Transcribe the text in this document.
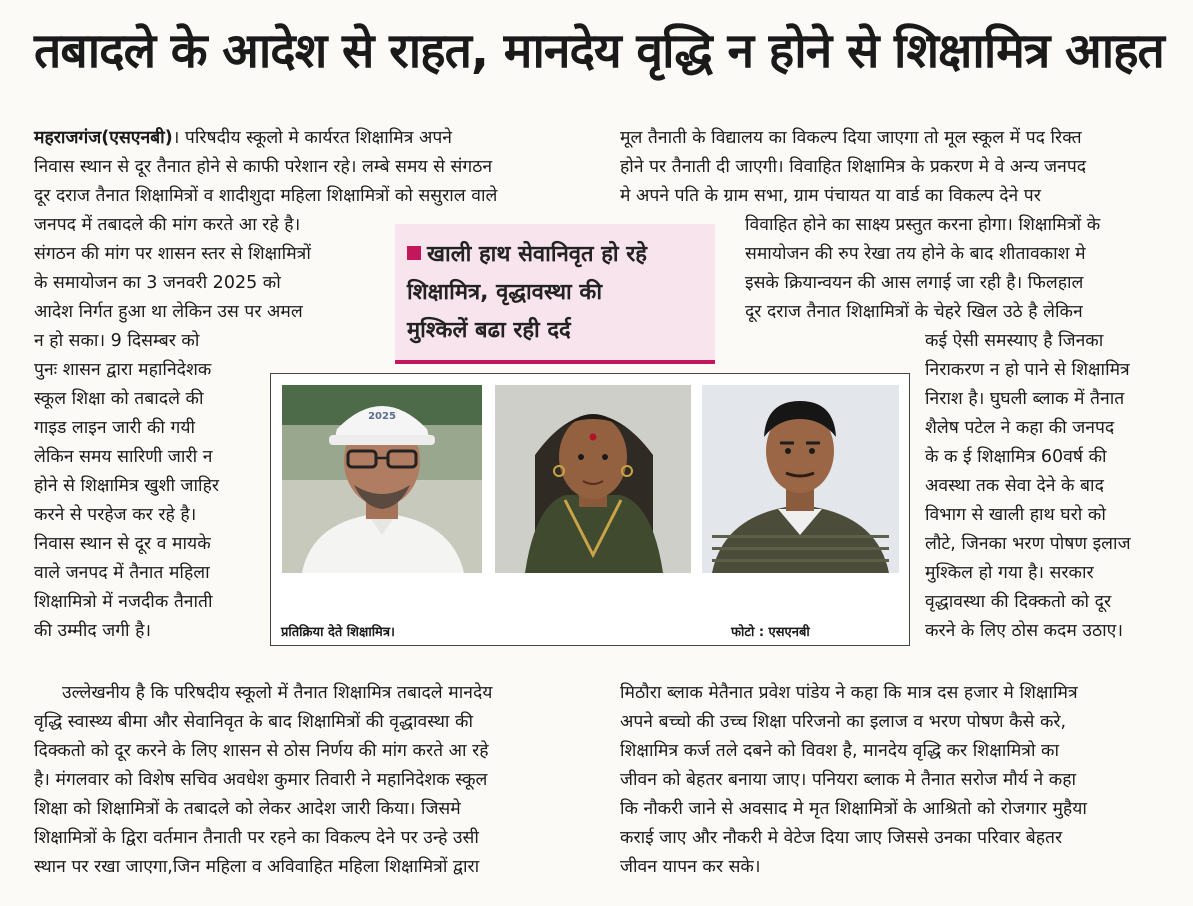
तबादले के आदेश से राहत, मानदेय वृद्धि न होने से शिक्षामित्र आहत
महराजगंज(एसएनबी)। परिषदीय स्कूलो मे कार्यरत शिक्षामित्र अपने
निवास स्थान से दूर तैनात होने से काफी परेशान रहे। लम्बे समय से संगठन
दूर दराज तैनात शिक्षामित्रों व शादीशुदा महिला शिक्षामित्रों को ससुराल वाले
जनपद में तबादले की मांग करते आ रहे है।
संगठन की मांग पर शासन स्तर से शिक्षामित्रों
के समायोजन का 3 जनवरी 2025 को
आदेश निर्गत हुआ था लेकिन उस पर अमल
न हो सका। 9 दिसम्बर को
पुनः शासन द्वारा महानिदेशक
स्कूल शिक्षा को तबादले की
गाइड लाइन जारी की गयी
लेकिन समय सारिणी जारी न
होने से शिक्षामित्र खुशी जाहिर
करने से परहेज कर रहे है।
निवास स्थान से दूर व मायके
वाले जनपद में तैनात महिला
शिक्षामित्रो में नजदीक तैनाती
की उम्मीद जगी है।
उल्लेखनीय है कि परिषदीय स्कूलो में तैनात शिक्षामित्र तबादले मानदेय
वृद्धि स्वास्थ्य बीमा और सेवानिवृत के बाद शिक्षामित्रों की वृद्धावस्था की
दिक्कतो को दूर करने के लिए शासन से ठोस निर्णय की मांग करते आ रहे
है। मंगलवार को विशेष सचिव अवधेश कुमार तिवारी ने महानिदेशक स्कूल
शिक्षा को शिक्षामित्रों के तबादले को लेकर आदेश जारी किया। जिसमे
शिक्षामित्रों के द्विरा वर्तमान तैनाती पर रहने का विकल्प देने पर उन्हे उसी
स्थान पर रखा जाएगा,जिन महिला व अविवाहित महिला शिक्षामित्रों द्वारा
मूल तैनाती के विद्यालय का विकल्प दिया जाएगा तो मूल स्कूल में पद रिक्त
होने पर तैनाती दी जाएगी। विवाहित शिक्षामित्र के प्रकरण मे वे अन्य जनपद
मे अपने पति के ग्राम सभा, ग्राम पंचायत या वार्ड का विकल्प देने पर
विवाहित होने का साक्ष्य प्रस्तुत करना होगा। शिक्षामित्रों के
समायोजन की रुप रेखा तय होने के बाद शीतावकाश मे
इसके क्रियान्वयन की आस लगाई जा रही है। फिलहाल
दूर दराज तैनात शिक्षामित्रों के चेहरे खिल उठे है लेकिन
कई ऐसी समस्याए है जिनका
निराकरण न हो पाने से शिक्षामित्र
निराश है। घुघली ब्लाक में तैनात
शैलेष पटेल ने कहा की जनपद
के क ई शिक्षामित्र 60वर्ष की
अवस्था तक सेवा देने के बाद
विभाग से खाली हाथ घरो को
लौटे, जिनका भरण पोषण इलाज
मुश्किल हो गया है। सरकार
वृद्धावस्था की दिक्कतो को दूर
करने के लिए ठोस कदम उठाए।
मिठौरा ब्लाक मेतैनात प्रवेश पांडेय ने कहा कि मात्र दस हजार मे शिक्षामित्र
अपने बच्चो की उच्च शिक्षा परिजनो का इलाज व भरण पोषण कैसे करे,
शिक्षामित्र कर्ज तले दबने को विवश है, मानदेय वृद्धि कर शिक्षामित्रो का
जीवन को बेहतर बनाया जाए। पनियरा ब्लाक मे तैनात सरोज मौर्य ने कहा
कि नौकरी जाने से अवसाद मे मृत शिक्षामित्रों के आश्रितो को रोजगार मुहैया
कराई जाए और नौकरी मे वेटेज दिया जाए जिससे उनका परिवार बेहतर
जीवन यापन कर सके।
खाली हाथ सेवानिवृत हो रहे
शिक्षामित्र, वृद्धावस्था की
मुश्किलें बढा रही दर्द
2025
प्रतिक्रिया देते शिक्षामित्र।	फोटो : एसएनबी
